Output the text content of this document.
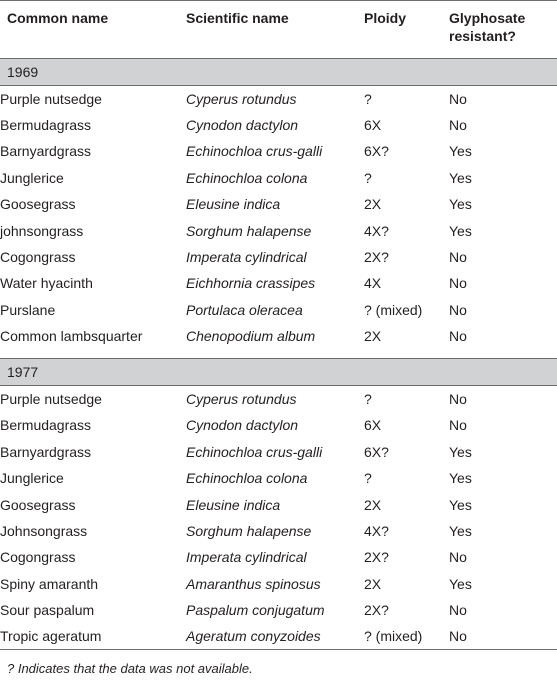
Common name	Scientific name	Ploidy	Glyphosate resistant?
1969			
Purple nutsedge	Cyperus rotundus	?	No
Bermudagrass	Cynodon dactylon	6X	No
Barnyardgrass	Echinochloa crus-galli	6X?	Yes
Junglerice	Echinochloa colona	?	Yes
Goosegrass	Eleusine indica	2X	Yes
johnsongrass	Sorghum halapense	4X?	Yes
Cogongrass	Imperata cylindrical	2X?	No
Water hyacinth	Eichhornia crassipes	4X	No
Purslane	Portulaca oleracea	? (mixed)	No
Common lambsquarter	Chenopodium album	2X	No

1977			
Purple nutsedge	Cyperus rotundus	?	No
Bermudagrass	Cynodon dactylon	6X	No
Barnyardgrass	Echinochloa crus-galli	6X?	Yes
Junglerice	Echinochloa colona	?	Yes
Goosegrass	Eleusine indica	2X	Yes
Johnsongrass	Sorghum halapense	4X?	Yes
Cogongrass	Imperata cylindrical	2X?	No
Spiny amaranth	Amaranthus spinosus	2X	Yes
Sour paspalum	Paspalum conjugatum	2X?	No
Tropic ageratum	Ageratum conyzoides	? (mixed)	No
? Indicates that the data was not available.
